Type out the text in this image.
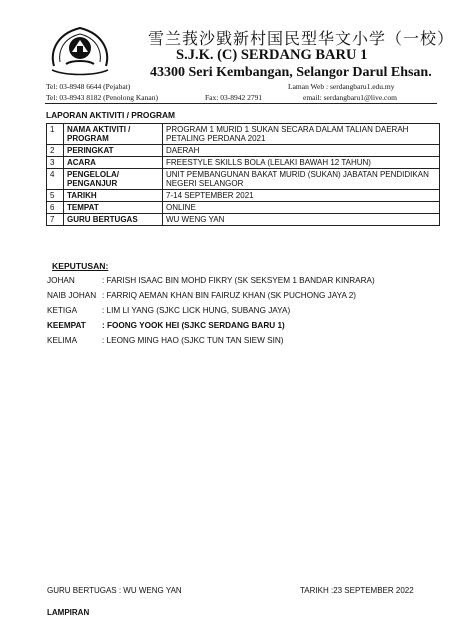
雪兰莪沙戥新村国民型华文小学（一校）
S.J.K. (C) SERDANG BARU 1
43300 Seri Kembangan, Selangor Darul Ehsan.
Tel: 03-8948 6644 (Pejabat)
Tel: 03-8943 8182 (Penolong Kanan)	Fax: 03-8942 2791
Laman Web : serdangbaru1.edu.my
email: serdangbaru1@live.com
LAPORAN AKTIVITI / PROGRAM
1	NAMA AKTIVITI / PROGRAM	PROGRAM 1 MURID 1 SUKAN SECARA DALAM TALIAN DAERAH PETALING PERDANA 2021
2	PERINGKAT	DAERAH
3	ACARA	FREESTYLE SKILLS BOLA (LELAKI BAWAH 12 TAHUN)
4	PENGELOLA/ PENGANJUR	UNIT PEMBANGUNAN BAKAT MURID (SUKAN) JABATAN PENDIDIKAN NEGERI SELANGOR
5	TARIKH	7-14 SEPTEMBER 2021
6	TEMPAT	ONLINE
7	GURU BERTUGAS	WU WENG YAN
KEPUTUSAN:
JOHAN	: FARISH ISAAC BIN MOHD FIKRY (SK SEKSYEM 1 BANDAR KINRARA)
NAIB JOHAN : FARRIQ AEMAN KHAN BIN FAIRUZ KHAN (SK PUCHONG JAYA 2)
KETIGA	: LIM LI YANG (SJKC LICK HUNG, SUBANG JAYA)
KEEMPAT : FOONG YOOK HEI (SJKC SERDANG BARU 1)
KELIMA	: LEONG MING HAO (SJKC TUN TAN SIEW SIN)
GURU BERTUGAS : WU WENG YAN	TARIKH :23 SEPTEMBER 2022
LAMPIRAN
